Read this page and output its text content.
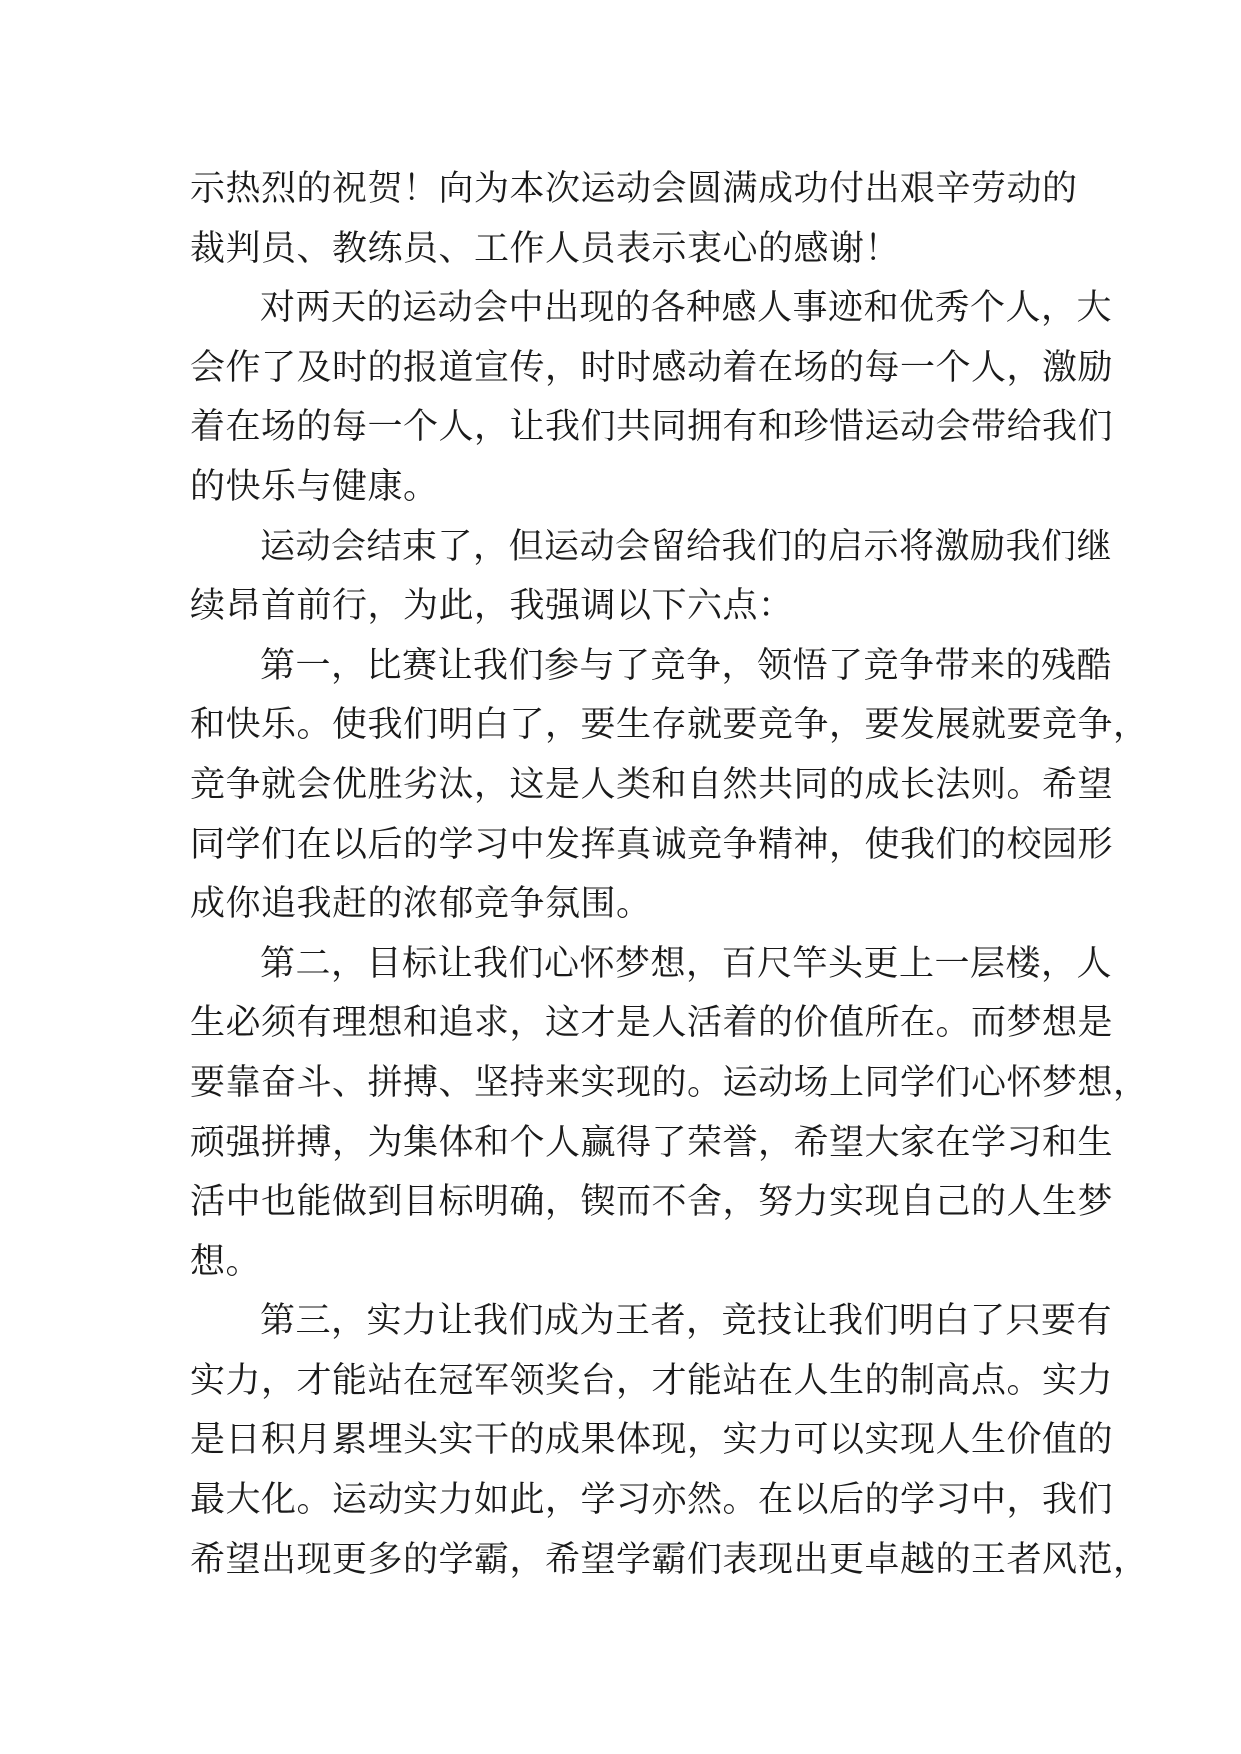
示热烈的祝贺！向为本次运动会圆满成功付出艰辛劳动的
裁判员、教练员、工作人员表示衷心的感谢！

对两天的运动会中出现的各种感人事迹和优秀个人，大
会作了及时的报道宣传，时时感动着在场的每一个人，激励
着在场的每一个人，让我们共同拥有和珍惜运动会带给我们
的快乐与健康。

运动会结束了，但运动会留给我们的启示将激励我们继
续昂首前行，为此，我强调以下六点：

第一，比赛让我们参与了竞争，领悟了竞争带来的残酷
和快乐。使我们明白了，要生存就要竞争，要发展就要竞争，
竞争就会优胜劣汰，这是人类和自然共同的成长法则。希望
同学们在以后的学习中发挥真诚竞争精神，使我们的校园形
成你追我赶的浓郁竞争氛围。

第二，目标让我们心怀梦想，百尺竿头更上一层楼，人
生必须有理想和追求，这才是人活着的价值所在。而梦想是
要靠奋斗、拼搏、坚持来实现的。运动场上同学们心怀梦想，
顽强拼搏，为集体和个人赢得了荣誉，希望大家在学习和生
活中也能做到目标明确，锲而不舍，努力实现自己的人生梦
想。

第三，实力让我们成为王者，竞技让我们明白了只要有
实力，才能站在冠军领奖台，才能站在人生的制高点。实力
是日积月累埋头实干的成果体现，实力可以实现人生价值的
最大化。运动实力如此，学习亦然。在以后的学习中，我们
希望出现更多的学霸，希望学霸们表现出更卓越的王者风范，
